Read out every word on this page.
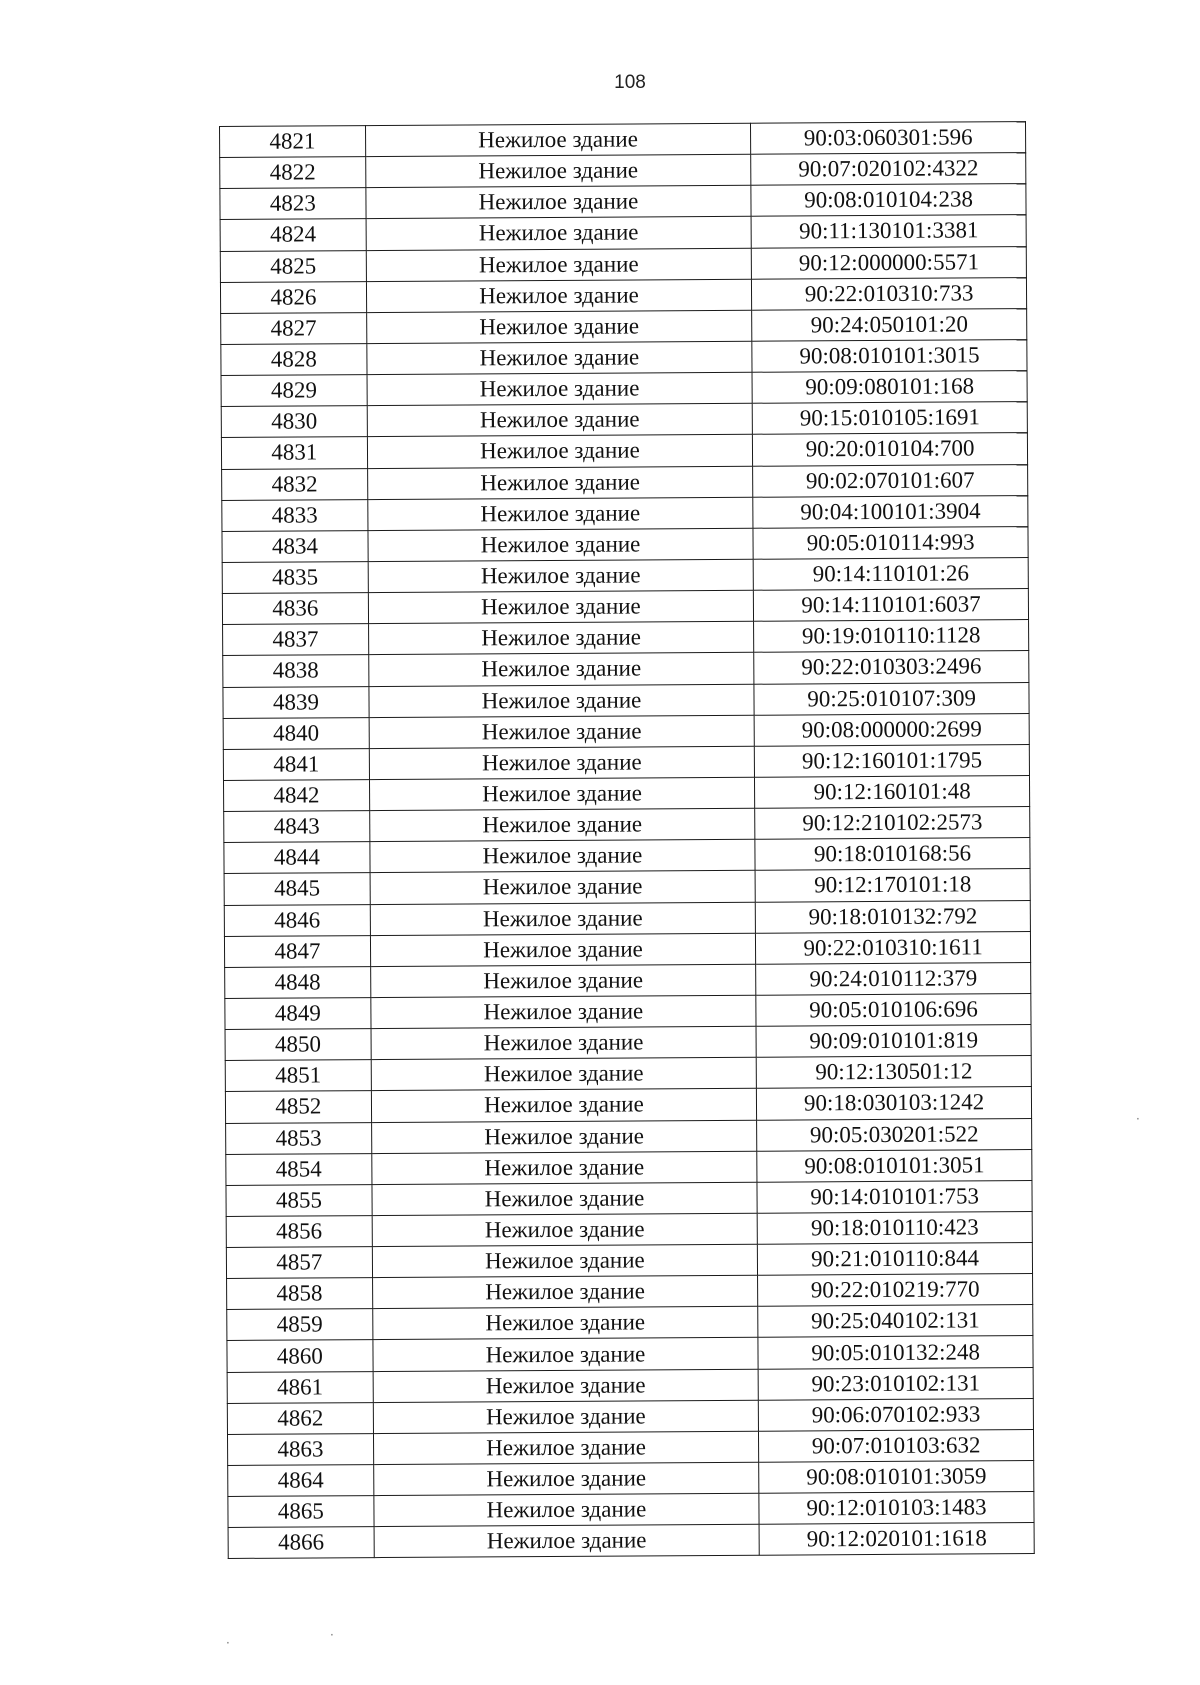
108
4821	Нежилое здание	90:03:060301:596
4822	Нежилое здание	90:07:020102:4322
4823	Нежилое здание	90:08:010104:238
4824	Нежилое здание	90:11:130101:3381
4825	Нежилое здание	90:12:000000:5571
4826	Нежилое здание	90:22:010310:733
4827	Нежилое здание	90:24:050101:20
4828	Нежилое здание	90:08:010101:3015
4829	Нежилое здание	90:09:080101:168
4830	Нежилое здание	90:15:010105:1691
4831	Нежилое здание	90:20:010104:700
4832	Нежилое здание	90:02:070101:607
4833	Нежилое здание	90:04:100101:3904
4834	Нежилое здание	90:05:010114:993
4835	Нежилое здание	90:14:110101:26
4836	Нежилое здание	90:14:110101:6037
4837	Нежилое здание	90:19:010110:1128
4838	Нежилое здание	90:22:010303:2496
4839	Нежилое здание	90:25:010107:309
4840	Нежилое здание	90:08:000000:2699
4841	Нежилое здание	90:12:160101:1795
4842	Нежилое здание	90:12:160101:48
4843	Нежилое здание	90:12:210102:2573
4844	Нежилое здание	90:18:010168:56
4845	Нежилое здание	90:12:170101:18
4846	Нежилое здание	90:18:010132:792
4847	Нежилое здание	90:22:010310:1611
4848	Нежилое здание	90:24:010112:379
4849	Нежилое здание	90:05:010106:696
4850	Нежилое здание	90:09:010101:819
4851	Нежилое здание	90:12:130501:12
4852	Нежилое здание	90:18:030103:1242
4853	Нежилое здание	90:05:030201:522
4854	Нежилое здание	90:08:010101:3051
4855	Нежилое здание	90:14:010101:753
4856	Нежилое здание	90:18:010110:423
4857	Нежилое здание	90:21:010110:844
4858	Нежилое здание	90:22:010219:770
4859	Нежилое здание	90:25:040102:131
4860	Нежилое здание	90:05:010132:248
4861	Нежилое здание	90:23:010102:131
4862	Нежилое здание	90:06:070102:933
4863	Нежилое здание	90:07:010103:632
4864	Нежилое здание	90:08:010101:3059
4865	Нежилое здание	90:12:010103:1483
4866	Нежилое здание	90:12:020101:1618
·
·
·
